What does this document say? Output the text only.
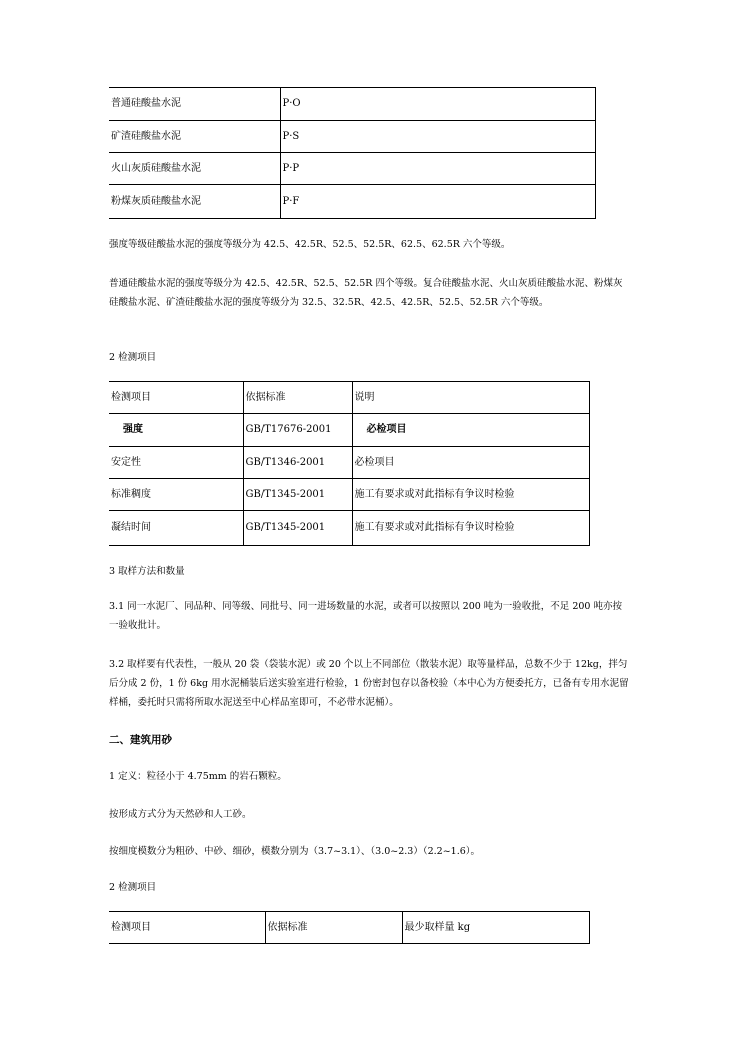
普通硅酸盐水泥	P·O
矿渣硅酸盐水泥	P·S
火山灰质硅酸盐水泥	P·P
粉煤灰质硅酸盐水泥	P·F

强度等级硅酸盐水泥的强度等级分为 42.5、42.5R、52.5、52.5R、62.5、62.5R 六个等级。

普通硅酸盐水泥的强度等级分为 42.5、42.5R、52.5、52.5R 四个等级。复合硅酸盐水泥、火山灰质硅酸盐水泥、粉煤灰硅酸盐水泥、矿渣硅酸盐水泥的强度等级分为 32.5、32.5R、42.5、42.5R、52.5、52.5R 六个等级。

2 检测项目

检测项目	依据标准	说明
强度	GB/T17676-2001	必检项目
安定性	GB/T1346-2001	必检项目
标准稠度	GB/T1345-2001	施工有要求或对此指标有争议时检验
凝结时间	GB/T1345-2001	施工有要求或对此指标有争议时检验

3 取样方法和数量

3.1 同一水泥厂、同品种、同等级、同批号、同一进场数量的水泥，或者可以按照以 200 吨为一验收批，不足 200 吨亦按一验收批计。

3.2 取样要有代表性，一般从 20 袋（袋装水泥）或 20 个以上不同部位（散装水泥）取等量样品，总数不少于 12kg，拌匀后分成 2 份，1 份 6kg 用水泥桶装后送实验室进行检验，1 份密封包存以备校验（本中心为方便委托方，已备有专用水泥留样桶，委托时只需将所取水泥送至中心样品室即可，不必带水泥桶）。

二、建筑用砂

1 定义：粒径小于 4.75mm 的岩石颗粒。

按形成方式分为天然砂和人工砂。

按细度模数分为粗砂、中砂、细砂，模数分别为（3.7~3.1）、（3.0~2.3）（2.2~1.6）。

2 检测项目

检测项目	依据标准	最少取样量 kg
